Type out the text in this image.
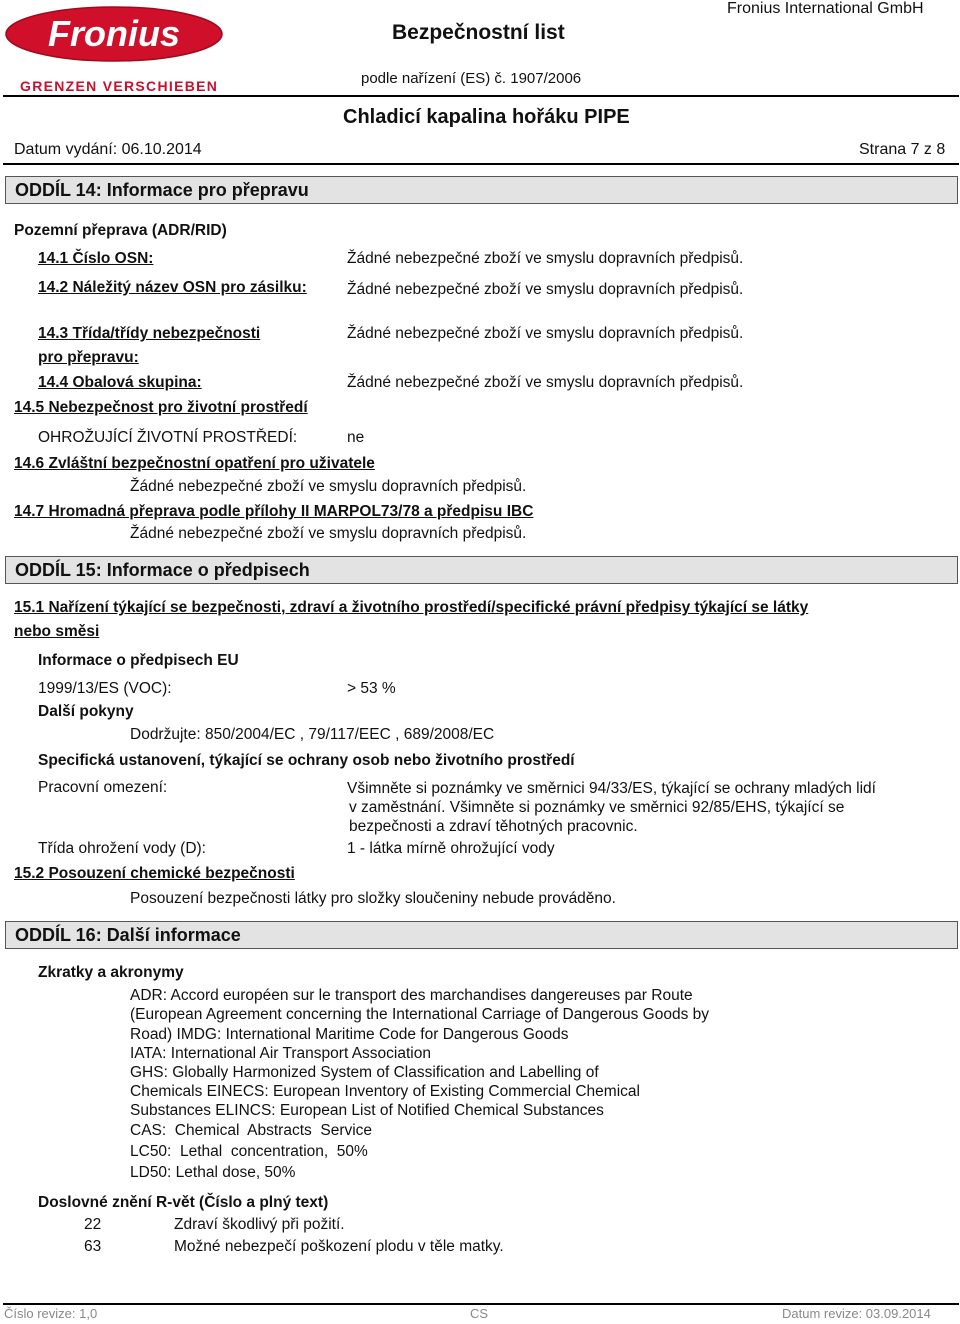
Fronius
GRENZEN VERSCHIEBEN
Bezpečnostní list
Fronius International GmbH
podle nařízení (ES) č. 1907/2006
Chladicí kapalina hořáku PIPE
Datum vydání: 06.10.2014	Strana 7 z 8
ODDÍL 14: Informace pro přepravu
Pozemní přeprava (ADR/RID)
14.1 Číslo OSN:	Žádné nebezpečné zboží ve smyslu dopravních předpisů.
14.2 Náležitý název OSN pro zásilku:	Žádné nebezpečné zboží ve smyslu dopravních předpisů.
14.3 Třída/třídy nebezpečnosti
pro přepravu:
Žádné nebezpečné zboží ve smyslu dopravních předpisů.
14.4 Obalová skupina:	Žádné nebezpečné zboží ve smyslu dopravních předpisů.
14.5 Nebezpečnost pro životní prostředí
OHROŽUJÍCÍ ŽIVOTNÍ PROSTŘEDÍ:	ne
14.6 Zvláštní bezpečnostní opatření pro uživatele
Žádné nebezpečné zboží ve smyslu dopravních předpisů.
14.7 Hromadná přeprava podle přílohy II MARPOL73/78 a předpisu IBC
Žádné nebezpečné zboží ve smyslu dopravních předpisů.
ODDÍL 15: Informace o předpisech
15.1 Nařízení týkající se bezpečnosti, zdraví a životního prostředí/specifické právní předpisy týkající se látky
nebo směsi
Informace o předpisech EU
1999/13/ES (VOC):	> 53 %
Další pokyny
Dodržujte: 850/2004/EC , 79/117/EEC , 689/2008/EC
Specifická ustanovení, týkající se ochrany osob nebo životního prostředí
Pracovní omezení:	Všimněte si poznámky ve směrnici 94/33/ES, týkající se ochrany mladých lidí
v zaměstnání. Všimněte si poznámky ve směrnici 92/85/EHS, týkající se
bezpečnosti a zdraví těhotných pracovnic.
Třída ohrožení vody (D):	1 - látka mírně ohrožující vody
15.2 Posouzení chemické bezpečnosti
Posouzení bezpečnosti látky pro složky sloučeniny nebude prováděno.
ODDÍL 16: Další informace
Zkratky a akronymy
ADR: Accord européen sur le transport des marchandises dangereuses par Route
(European Agreement concerning the International Carriage of Dangerous Goods by
Road) IMDG: International Maritime Code for Dangerous Goods
IATA: International Air Transport Association
GHS: Globally Harmonized System of Classification and Labelling of
Chemicals EINECS: European Inventory of Existing Commercial Chemical
Substances ELINCS: European List of Notified Chemical Substances
CAS:  Chemical  Abstracts  Service
LC50:  Lethal  concentration,  50%
LD50: Lethal dose, 50%
Doslovné znění R-vět (Číslo a plný text)
22	Zdraví škodlivý při požití.
63	Možné nebezpečí poškození plodu v těle matky.
Číslo revize: 1,0	CS	Datum revize: 03.09.2014
